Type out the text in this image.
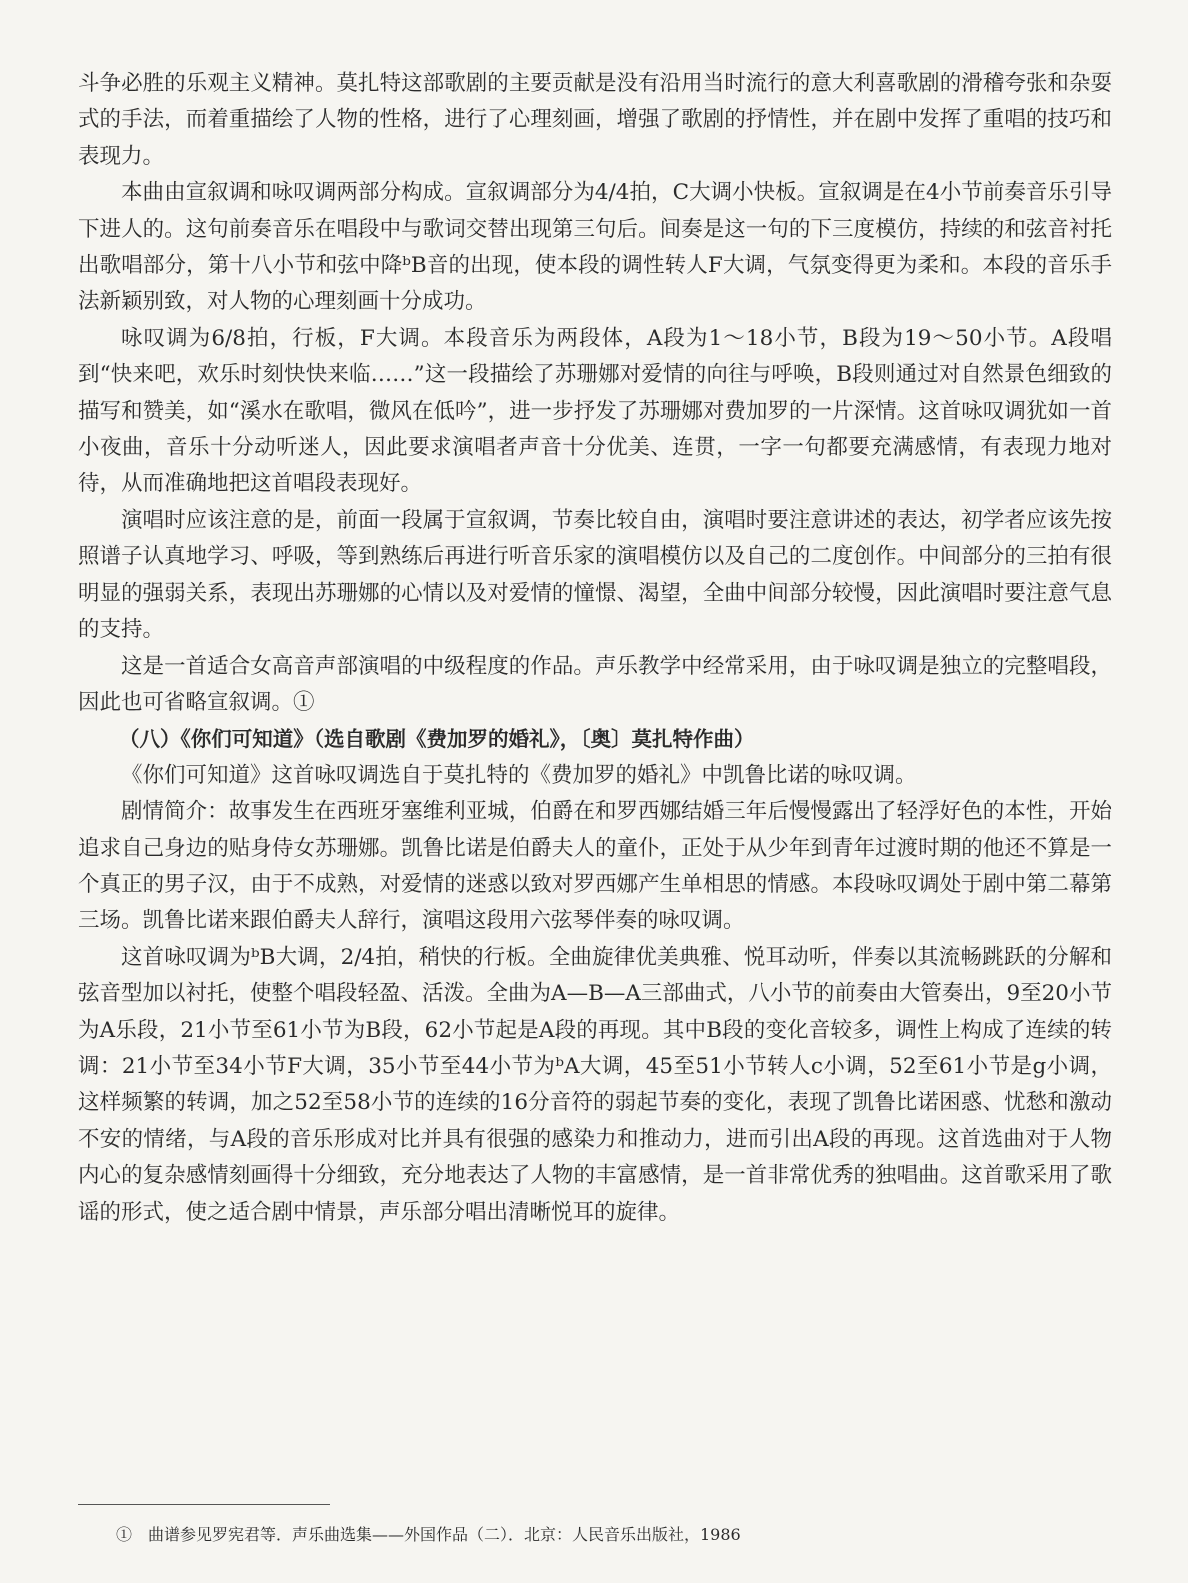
斗争必胜的乐观主义精神。莫扎特这部歌剧的主要贡献是没有沿用当时流行的意大利喜歌剧的滑稽夸张和杂耍式的手法，而着重描绘了人物的性格，进行了心理刻画，增强了歌剧的抒情性，并在剧中发挥了重唱的技巧和表现力。

本曲由宣叙调和咏叹调两部分构成。宣叙调部分为4/4拍，C大调小快板。宣叙调是在4小节前奏音乐引导下进人的。这句前奏音乐在唱段中与歌词交替出现第三句后。间奏是这一句的下三度模仿，持续的和弦音衬托出歌唱部分，第十八小节和弦中降ᵇB音的出现，使本段的调性转人F大调，气氛变得更为柔和。本段的音乐手法新颖别致，对人物的心理刻画十分成功。

咏叹调为6/8拍，行板，F大调。本段音乐为两段体，A段为1～18小节，B段为19～50小节。A段唱到“快来吧，欢乐时刻快快来临……”这一段描绘了苏珊娜对爱情的向往与呼唤，B段则通过对自然景色细致的描写和赞美，如“溪水在歌唱，微风在低吟”，进一步抒发了苏珊娜对费加罗的一片深情。这首咏叹调犹如一首小夜曲，音乐十分动听迷人，因此要求演唱者声音十分优美、连贯，一字一句都要充满感情，有表现力地对待，从而准确地把这首唱段表现好。

演唱时应该注意的是，前面一段属于宣叙调，节奏比较自由，演唱时要注意讲述的表达，初学者应该先按照谱子认真地学习、呼吸，等到熟练后再进行听音乐家的演唱模仿以及自己的二度创作。中间部分的三拍有很明显的强弱关系，表现出苏珊娜的心情以及对爱情的憧憬、渴望，全曲中间部分较慢，因此演唱时要注意气息的支持。

这是一首适合女高音声部演唱的中级程度的作品。声乐教学中经常采用，由于咏叹调是独立的完整唱段，因此也可省略宣叙调。①

（八）《你们可知道》（选自歌剧《费加罗的婚礼》，〔奥〕莫扎特作曲）

《你们可知道》这首咏叹调选自于莫扎特的《费加罗的婚礼》中凯鲁比诺的咏叹调。

剧情简介：故事发生在西班牙塞维利亚城，伯爵在和罗西娜结婚三年后慢慢露出了轻浮好色的本性，开始追求自己身边的贴身侍女苏珊娜。凯鲁比诺是伯爵夫人的童仆，正处于从少年到青年过渡时期的他还不算是一个真正的男子汉，由于不成熟，对爱情的迷惑以致对罗西娜产生单相思的情感。本段咏叹调处于剧中第二幕第三场。凯鲁比诺来跟伯爵夫人辞行，演唱这段用六弦琴伴奏的咏叹调。

这首咏叹调为ᵇB大调，2/4拍，稍快的行板。全曲旋律优美典雅、悦耳动听，伴奏以其流畅跳跃的分解和弦音型加以衬托，使整个唱段轻盈、活泼。全曲为A—B—A三部曲式，八小节的前奏由大管奏出，9至20小节为A乐段，21小节至61小节为B段，62小节起是A段的再现。其中B段的变化音较多，调性上构成了连续的转调：21小节至34小节F大调，35小节至44小节为ᵇA大调，45至51小节转人c小调，52至61小节是g小调，这样频繁的转调，加之52至58小节的连续的16分音符的弱起节奏的变化，表现了凯鲁比诺困惑、忧愁和激动不安的情绪，与A段的音乐形成对比并具有很强的感染力和推动力，进而引出A段的再现。这首选曲对于人物内心的复杂感情刻画得十分细致，充分地表达了人物的丰富感情，是一首非常优秀的独唱曲。这首歌采用了歌谣的形式，使之适合剧中情景，声乐部分唱出清晰悦耳的旋律。

①　曲谱参见罗宪君等．声乐曲选集——外国作品（二）．北京：人民音乐出版社，1986
